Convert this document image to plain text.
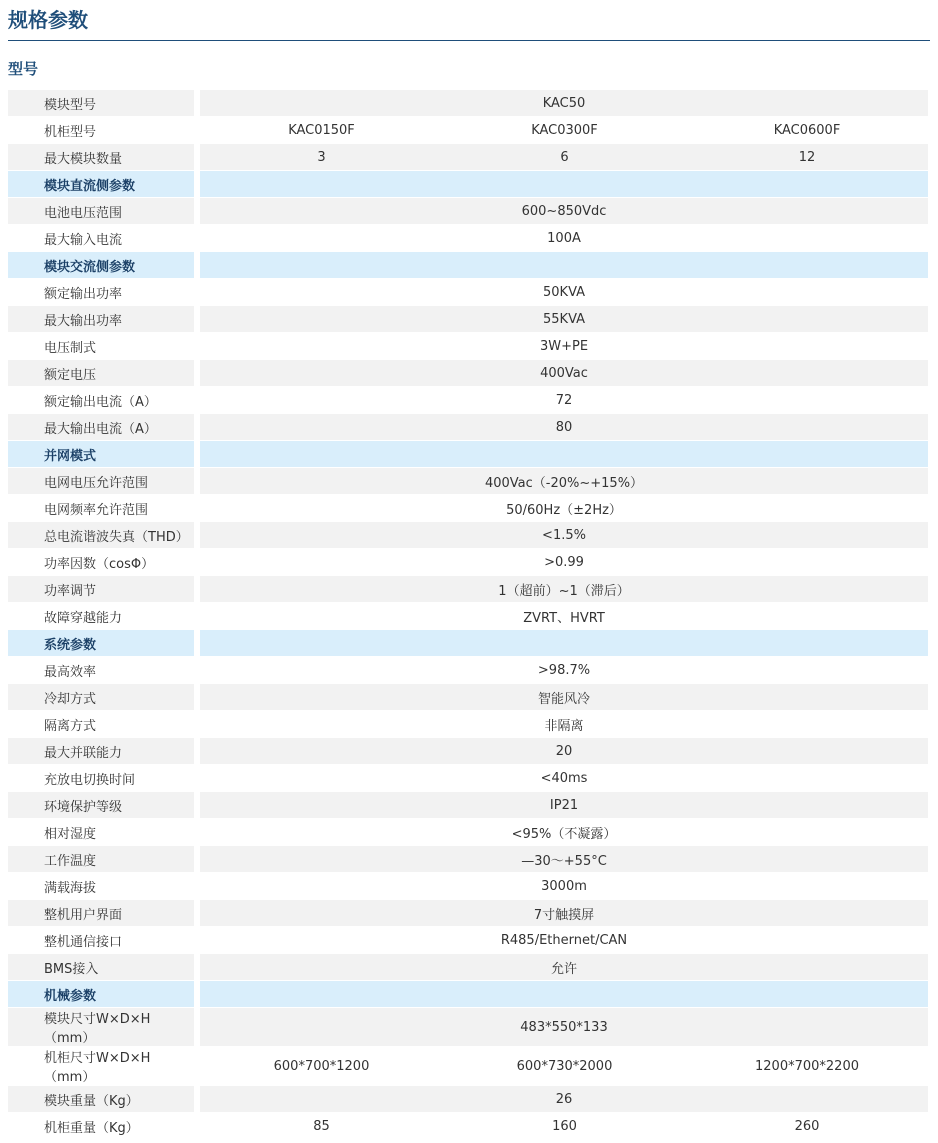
规格参数
型号
模块型号		KAC50		
机柜型号		KAC0150F	KAC0300F	KAC0600F
最大模块数量		3	6	12
模块直流侧参数				
电池电压范围		600~850Vdc		
最大输入电流		100A		
模块交流侧参数				
额定输出功率		50KVA		
最大输出功率		55KVA		
电压制式		3W+PE		
额定电压		400Vac		
额定输出电流（A）		72		
最大输出电流（A）		80		
并网模式				
电网电压允许范围		400Vac（-20%~+15%）		
电网频率允许范围		50/60Hz（±2Hz）		
总电流谐波失真（THD）		<1.5%		
功率因数（cosΦ）		>0.99		
功率调节		1（超前）~1（滞后）		
故障穿越能力		ZVRT、HVRT		
系统参数				
最高效率		>98.7%		
冷却方式		智能风冷		
隔离方式		非隔离		
最大并联能力		20		
充放电切换时间		<40ms		
环境保护等级		IP21		
相对湿度		<95%（不凝露）		
工作温度		—30～+55°C		
满载海拔		3000m		
整机用户界面		7寸触摸屏		
整机通信接口		R485/Ethernet/CAN		
BMS接入		允许		
机械参数				
模块尺寸W×D×H（mm）		483*550*133		
机柜尺寸W×D×H（mm）		600*700*1200	600*730*2000	1200*700*2200
模块重量（Kg）		26		
机柜重量（Kg）		85	160	260
